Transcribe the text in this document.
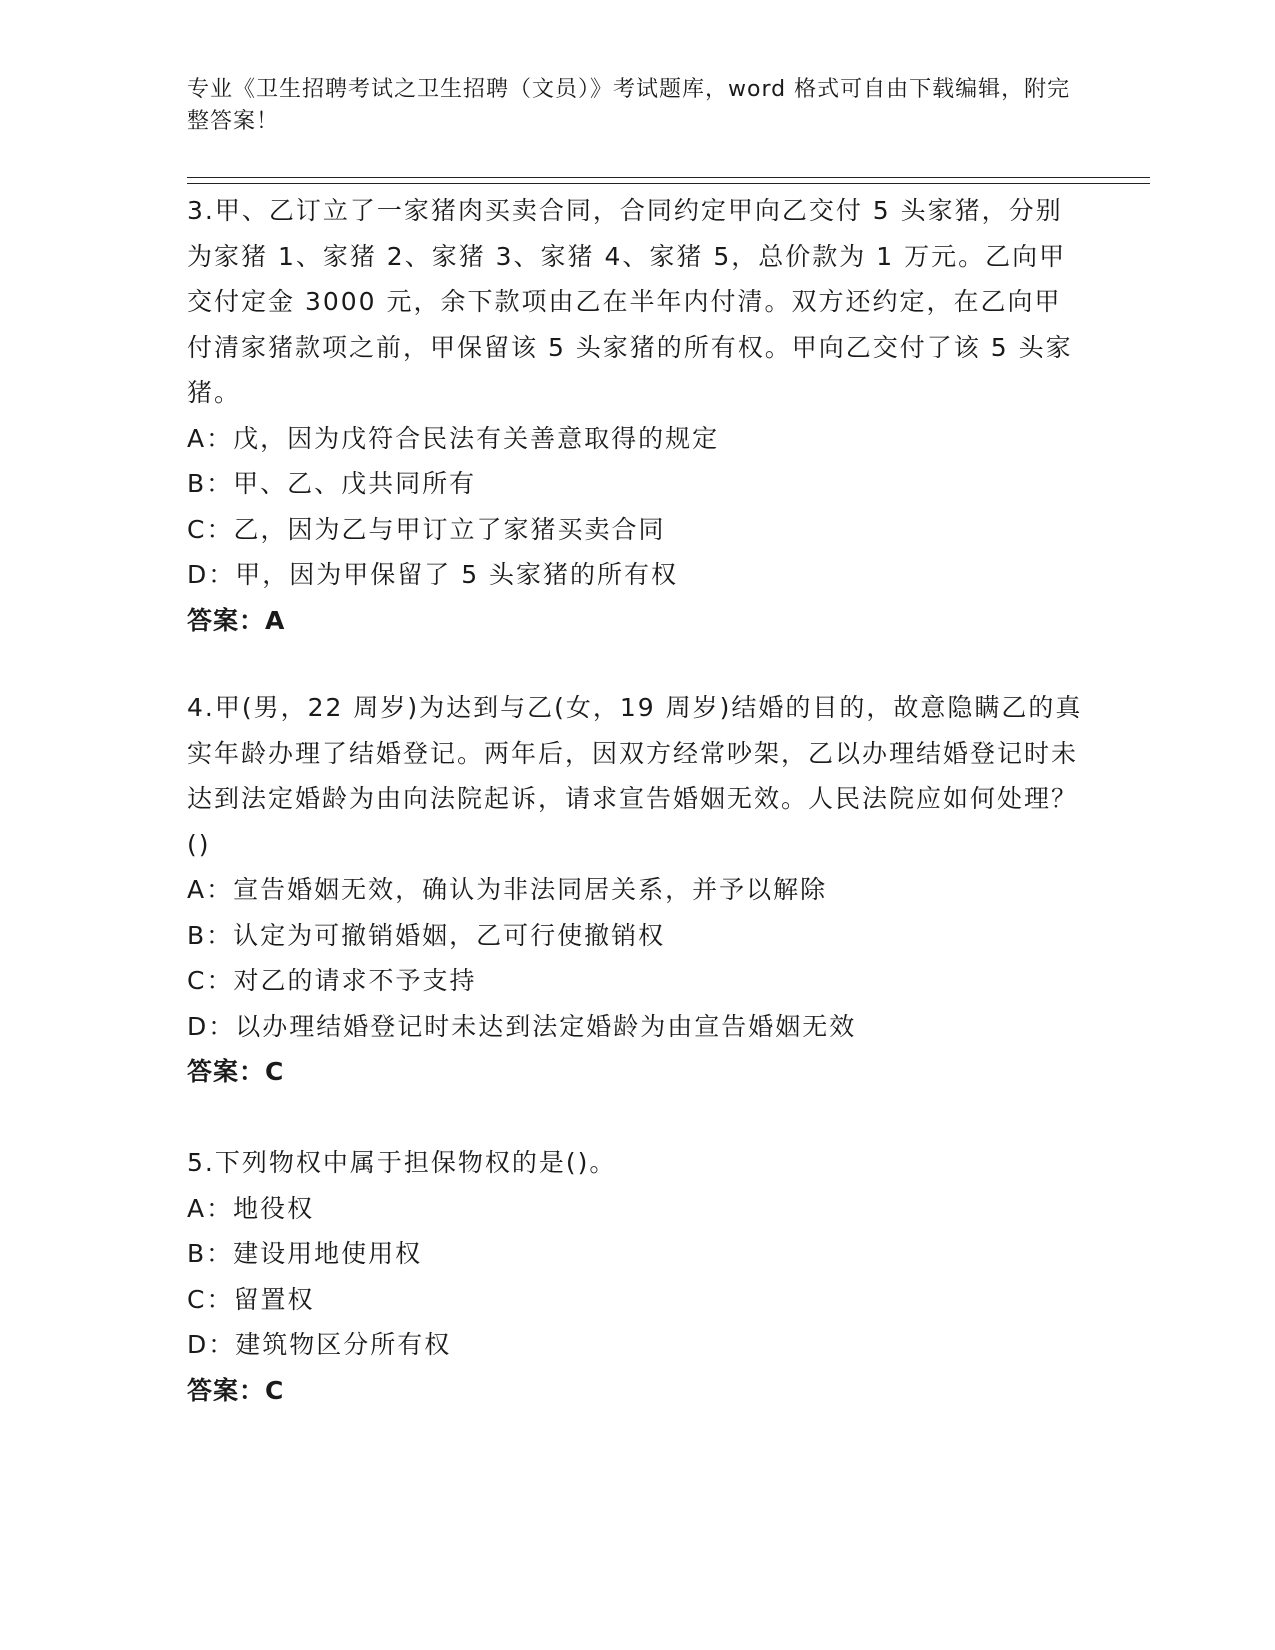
专业《卫生招聘考试之卫生招聘（文员）》考试题库，word 格式可自由下载编辑，附完整答案！

3.甲、乙订立了一家猪肉买卖合同，合同约定甲向乙交付 5 头家猪，分别为家猪 1、家猪 2、家猪 3、家猪 4、家猪 5，总价款为 1 万元。乙向甲交付定金 3000 元，余下款项由乙在半年内付清。双方还约定，在乙向甲付清家猪款项之前，甲保留该 5 头家猪的所有权。甲向乙交付了该 5 头家猪。

A：戊，因为戊符合民法有关善意取得的规定

B：甲、乙、戊共同所有

C：乙，因为乙与甲订立了家猪买卖合同

D：甲，因为甲保留了 5 头家猪的所有权

答案：A

4.甲(男，22 周岁)为达到与乙(女，19 周岁)结婚的目的，故意隐瞒乙的真实年龄办理了结婚登记。两年后，因双方经常吵架，乙以办理结婚登记时未达到法定婚龄为由向法院起诉，请求宣告婚姻无效。人民法院应如何处理？()

A：宣告婚姻无效，确认为非法同居关系，并予以解除

B：认定为可撤销婚姻，乙可行使撤销权

C：对乙的请求不予支持

D：以办理结婚登记时未达到法定婚龄为由宣告婚姻无效

答案：C

5.下列物权中属于担保物权的是()。

A：地役权

B：建设用地使用权

C：留置权

D：建筑物区分所有权

答案：C
